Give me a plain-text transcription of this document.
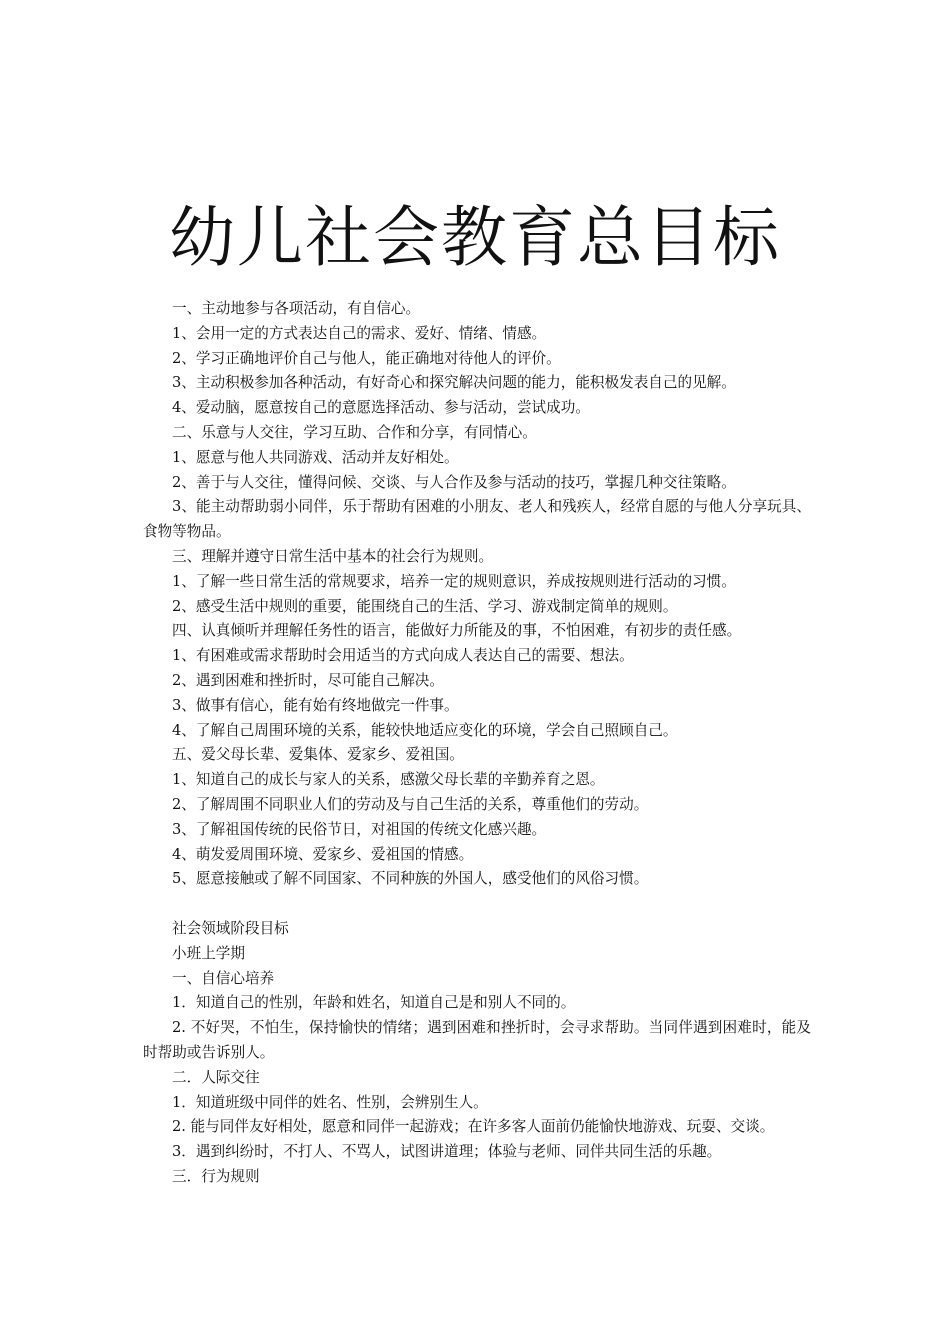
幼儿社会教育总目标

一、主动地参与各项活动，有自信心。

1、会用一定的方式表达自己的需求、爱好、情绪、情感。

2、学习正确地评价自己与他人，能正确地对待他人的评价。

3、主动积极参加各种活动，有好奇心和探究解决问题的能力，能积极发表自己的见解。

4、爱动脑，愿意按自己的意愿选择活动、参与活动，尝试成功。

二、乐意与人交往，学习互助、合作和分享，有同情心。

1、愿意与他人共同游戏、活动并友好相处。

2、善于与人交往，懂得问候、交谈、与人合作及参与活动的技巧，掌握几种交往策略。

3、能主动帮助弱小同伴，乐于帮助有困难的小朋友、老人和残疾人，经常自愿的与他人分享玩具、食物等物品。

三、理解并遵守日常生活中基本的社会行为规则。

1、了解一些日常生活的常规要求，培养一定的规则意识，养成按规则进行活动的习惯。

2、感受生活中规则的重要，能围绕自己的生活、学习、游戏制定简单的规则。

四、认真倾听并理解任务性的语言，能做好力所能及的事，不怕困难，有初步的责任感。

1、有困难或需求帮助时会用适当的方式向成人表达自己的需要、想法。

2、遇到困难和挫折时，尽可能自己解决。

3、做事有信心，能有始有终地做完一件事。

4、了解自己周围环境的关系，能较快地适应变化的环境，学会自己照顾自己。

五、爱父母长辈、爱集体、爱家乡、爱祖国。

1、知道自己的成长与家人的关系，感激父母长辈的辛勤养育之恩。

2、了解周围不同职业人们的劳动及与自己生活的关系，尊重他们的劳动。

3、了解祖国传统的民俗节日，对祖国的传统文化感兴趣。

4、萌发爱周围环境、爱家乡、爱祖国的情感。

5、愿意接触或了解不同国家、不同种族的外国人，感受他们的风俗习惯。

社会领域阶段目标

小班上学期

一、自信心培养

1．知道自己的性别，年龄和姓名，知道自己是和别人不同的。

2. 不好哭，不怕生，保持愉快的情绪；遇到困难和挫折时，会寻求帮助。当同伴遇到困难时，能及时帮助或告诉别人。

二．人际交往

1．知道班级中同伴的姓名、性别，会辨别生人。

2. 能与同伴友好相处，愿意和同伴一起游戏；在许多客人面前仍能愉快地游戏、玩耍、交谈。

3．遇到纠纷时，不打人、不骂人，试图讲道理；体验与老师、同伴共同生活的乐趣。

三．行为规则
